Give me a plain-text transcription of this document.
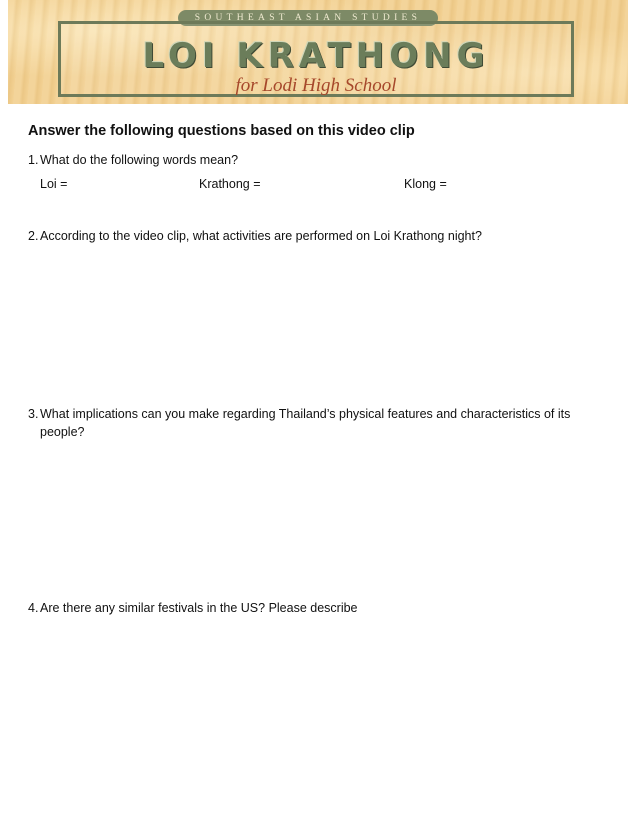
SOUTHEAST ASIAN STUDIES
LOI KRATHONG
for Lodi High School
Answer the following questions based on this video clip
1. What do the following words mean?
Loi =	Krathong =	Klong =
2. According to the video clip, what activities are performed on Loi Krathong night?
3. What implications can you make regarding Thailand’s physical features and characteristics of its people?
4. Are there any similar festivals in the US? Please describe
